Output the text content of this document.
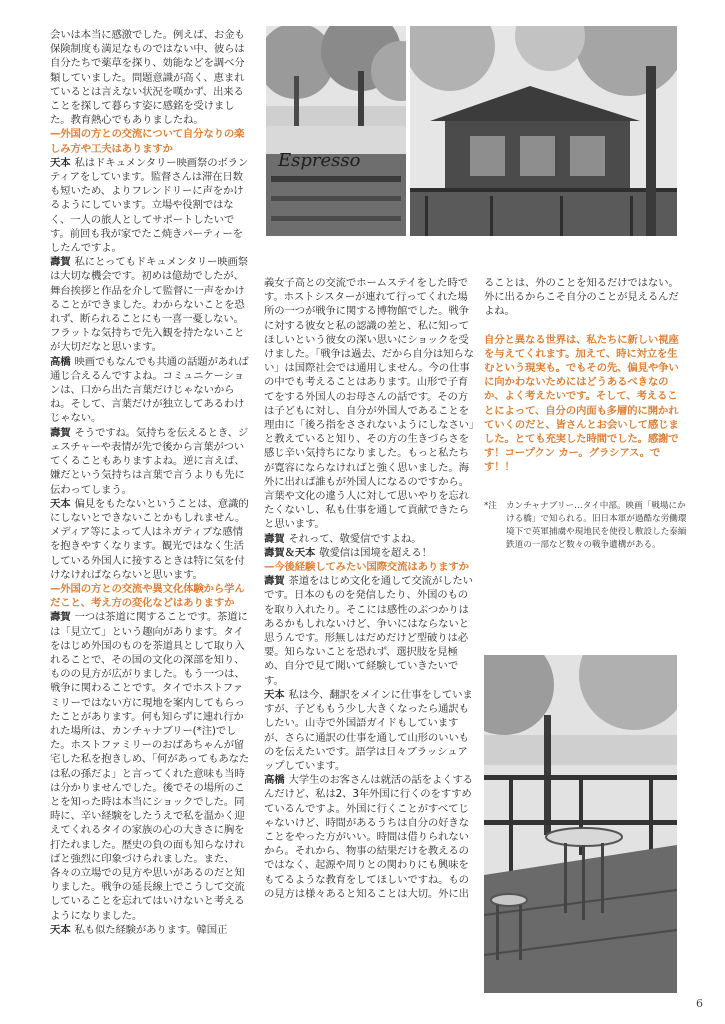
会いは本当に感激でした。例えば、お金も保険制度も満足なものではない中、彼らは自分たちで薬草を探り、効能などを調べ分類していました。問題意識が高く、恵まれているとは言えない状況を嘆かず、出来ることを探して暮らす姿に感銘を受けました。教育熱心でもありましたね。

—外国の方との交流について自分なりの楽しみ方や工夫はありますか

天本 私はドキュメンタリー映画祭のボランティアをしています。監督さんは滞在日数も短いため、よりフレンドリーに声をかけるようにしています。立場や役割ではなく、一人の旅人としてサポートしたいです。前回も我が家でたこ焼きパーティーをしたんですよ。

壽賀 私にとってもドキュメンタリー映画祭は大切な機会です。初めは億劫でしたが、舞台挨拶と作品を介して監督に一声をかけることができました。わからないことを恐れず、断られることにも一喜一憂しない。フラットな気持ちで先入観を持たないことが大切だなと思います。

高橋 映画でもなんでも共通の話題があれば通じ合えるんですよね。コミュニケーションは、口から出た言葉だけじゃないからね。そして、言葉だけが独立してあるわけじゃない。

壽賀 そうですね。気持ちを伝えるとき、ジェスチャーや表情が先で後から言葉がついてくることもありますよね。逆に言えば、嫌だという気持ちは言葉で言うよりも先に伝わってしまう。

天本 偏見をもたないということは、意識的にしないとできないことかもしれません。メディア等によって人はネガティブな感情を抱きやすくなります。観光ではなく生活している外国人に接するときは特に気を付けなければならないと思います。

—外国の方との交流や異文化体験から学んだこと、考え方の変化などはありますか

壽賀 一つは茶道に関することです。茶道には「見立て」という趣向があります。タイをはじめ外国のものを茶道具として取り入れることで、その国の文化の深部を知り、ものの見方が広がりました。もう一つは、戦争に関わることです。タイでホストファミリーではない方に現地を案内してもらったことがあります。何も知らずに連れ行かれた場所は、カンチャナブリー(*注)でした。ホストファミリーのおばあちゃんが留宅した私を抱きしめ、「何があってもあなたは私の孫だよ」と言ってくれた意味も当時は分かりませんでした。後でその場所のことを知った時は本当にショックでした。同時に、辛い経験をしたうえで私を温かく迎えてくれるタイの家族の心の大きさに胸を打たれました。歴史の負の面も知らなければと強烈に印象づけられました。また、各々の立場での見方や思いがあるのだと知りました。戦争の延長線上でこうして交流していることを忘れてはいけないと考えるようになりました。

天本 私も似た経験があります。韓国正

義女子高との交流でホームステイをした時です。ホストシスターが連れて行ってくれた場所の一つが戦争に関する博物館でした。戦争に対する彼女と私の認識の差と、私に知ってほしいという彼女の深い思いにショックを受けました。「戦争は過去、だから自分は知らない」は国際社会では通用しません。今の仕事の中でも考えることはあります。山形で子育てをする外国人のお母さんの話です。その方は子どもに対し、自分が外国人であることを理由に「後ろ指をさされないようにしなさい」と教えていると知り、その方の生きづらさを感じ辛い気持ちになりました。もっと私たちが寛容にならなければと強く思いました。海外に出れば誰もが外国人になるのですから。言葉や文化の違う人に対して思いやりを忘れたくないし、私も仕事を通して貢献できたらと思います。

壽賀 それって、敬愛信ですよね。

壽賀＆天本 敬愛信は国境を超える！

—今後経験してみたい国際交流はありますか

壽賀 茶道をはじめ文化を通して交流がしたいです。日本のものを発信したり、外国のものを取り入れたり。そこには感性のぶつかりはあるかもしれないけど、争いにはならないと思うんです。形無しはだめだけど型破りは必要。知らないことを恐れず、選択肢を見極め、自分で見て聞いて経験していきたいです。

天本 私は今、翻訳をメインに仕事をしていますが、子どももう少し大きくなったら通訳もしたい。山寺で外国語ガイドもしていますが、さらに通訳の仕事を通して山形のいいものを伝えたいです。語学は日々ブラッシュアップしています。

高橋 大学生のお客さんは就活の話をよくするんだけど、私は2、3年外国に行くのをすすめているんですよ。外国に行くことがすべてじゃないけど、時間があるうちは自分の好きなことをやった方がいい。時間は借りられないから。それから、物事の結果だけを教えるのではなく、起源や周りとの関わりにも興味をもてるような教育をしてほしいですね。ものの見方は様々あると知ることは大切。外に出

ることは、外のことを知るだけではない。外に出るからこそ自分のことが見えるんだよね。

自分と異なる世界は、私たちに新しい視座を与えてくれます。加えて、時に対立を生むという現実も。でもその先、偏見や争いに向かわないためにはどうあるべきなのか、よく考えたいです。そして、考えることによって、自分の内面も多層的に開かれていくのだと、皆さんとお会いして感じました。とても充実した時間でした。感謝です！コープクン カー。グラシアス。です！！

*注 カンチャナブリー…タイ中部。映画「戦場にかける橋」で知られる。旧日本軍が過酷な労働環境下で英軍捕虜や現地民を使役し敷設した泰緬鉄道の一部など数々の戦争遺構がある。
Espresso
6
